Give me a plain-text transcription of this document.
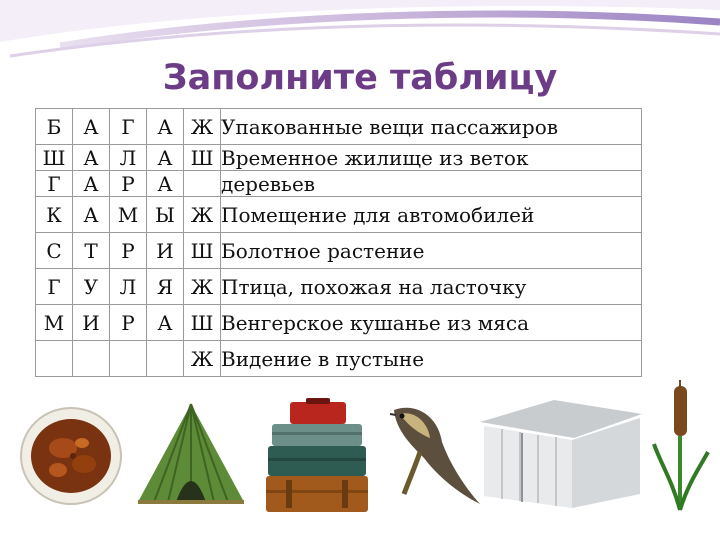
Заполните таблицу
Б	А	Г	А	Ж	Упакованные вещи пассажиров
Ш	А	Л	А	Ш	Временное жилище из веток
Г	А	Р	А		деревьев
К	А	М	Ы	Ж	Помещение для автомобилей
С	Т	Р	И	Ш	Болотное растение
Г	У	Л	Я	Ж	Птица, похожая на ласточку
М	И	Р	А	Ш	Венгерское кушанье из мяса
				Ж	Видение в пустыне
